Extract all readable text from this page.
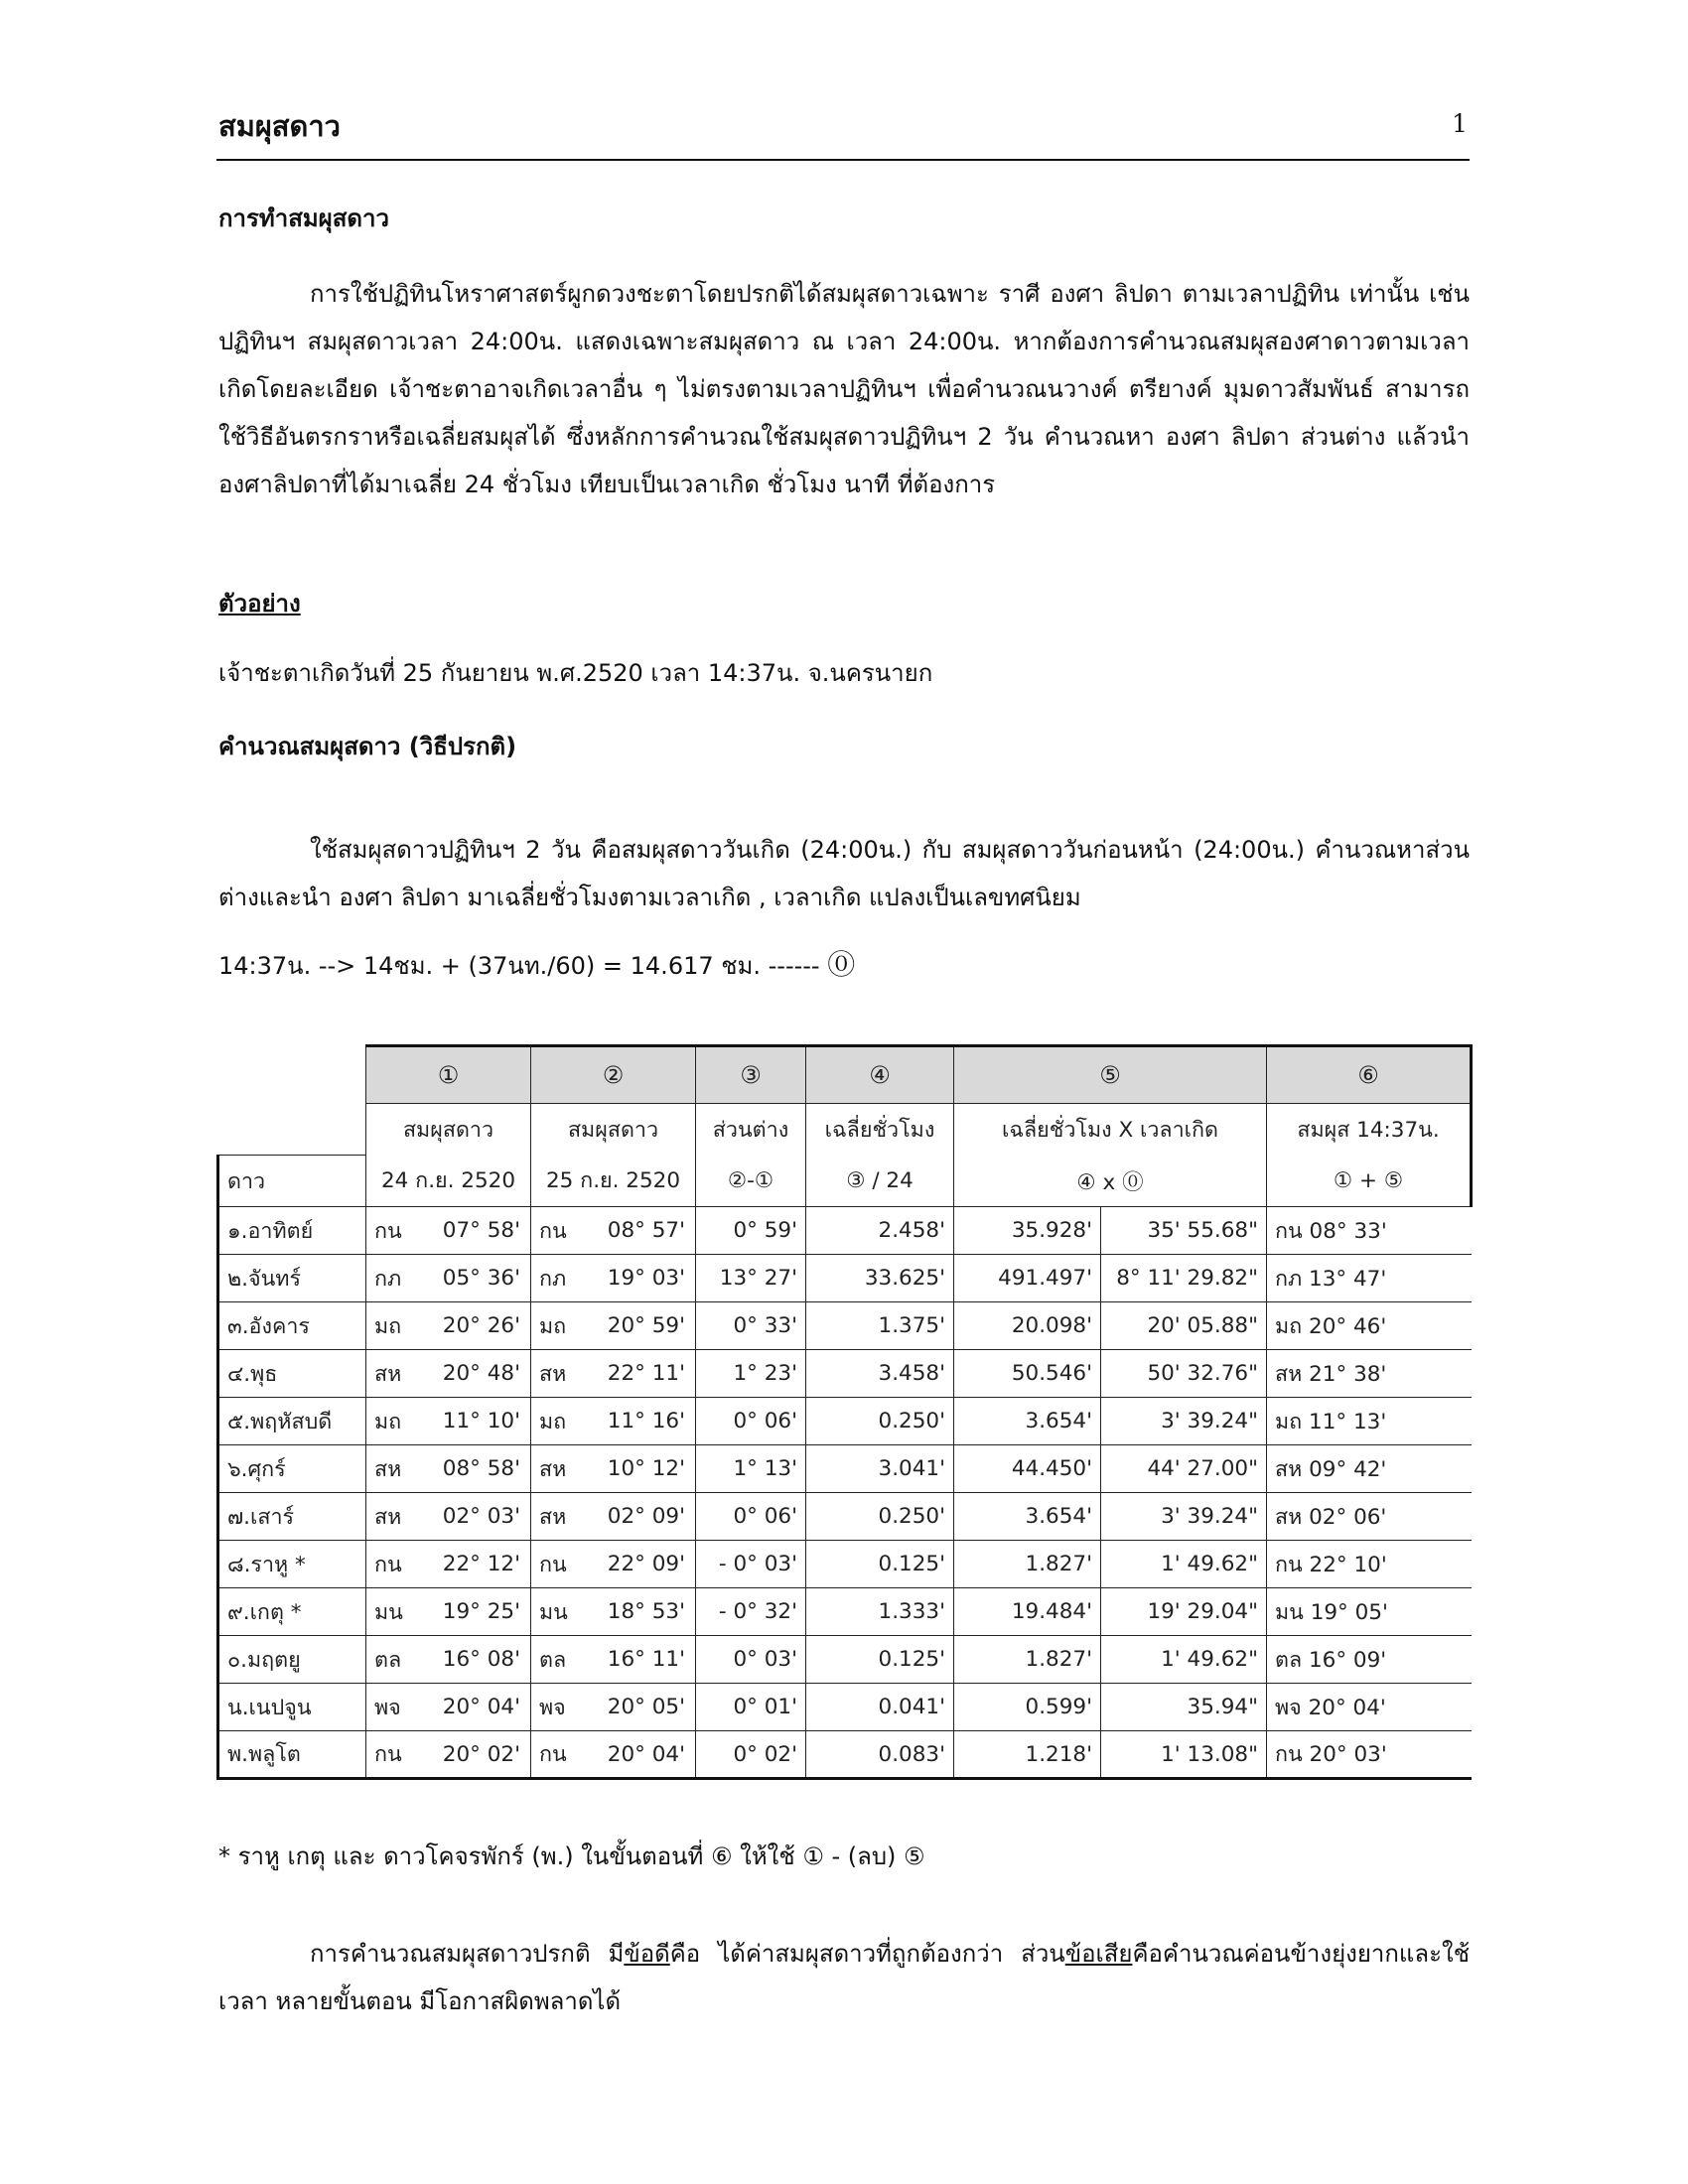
สมผุสดาว	1
การทำสมผุสดาว

การใช้ปฏิทินโหราศาสตร์ผูกดวงชะตาโดยปรกติได้สมผุสดาวเฉพาะ ราศี องศา ลิปดา ตามเวลาปฏิทิน เท่านั้น เช่น ปฏิทินฯ สมผุสดาวเวลา 24:00น. แสดงเฉพาะสมผุสดาว ณ เวลา 24:00น. หากต้องการคำนวณสมผุสองศาดาวตามเวลาเกิดโดยละเอียด เจ้าชะตาอาจเกิดเวลาอื่น ๆ ไม่ตรงตามเวลาปฏิทินฯ เพื่อคำนวณนวางค์ ตรียางค์ มุมดาวสัมพันธ์ สามารถใช้วิธีอันตรกราหรือเฉลี่ยสมผุสได้ ซึ่งหลักการคำนวณใช้สมผุสดาวปฏิทินฯ 2 วัน คำนวณหา องศา ลิปดา ส่วนต่าง แล้วนำองศาลิปดาที่ได้มาเฉลี่ย 24 ชั่วโมง เทียบเป็นเวลาเกิด ชั่วโมง นาที ที่ต้องการ

ตัวอย่าง
เจ้าชะตาเกิดวันที่ 25 กันยายน พ.ศ.2520 เวลา 14:37น. จ.นครนายก
คำนวณสมผุสดาว (วิธีปรกติ)

ใช้สมผุสดาวปฏิทินฯ 2 วัน คือสมผุสดาววันเกิด (24:00น.) กับ สมผุสดาววันก่อนหน้า (24:00น.) คำนวณหาส่วนต่างและนำ องศา ลิปดา มาเฉลี่ยชั่วโมงตามเวลาเกิด , เวลาเกิด แปลงเป็นเลขทศนิยม

14:37น. --> 14ชม. + (37นท./60) = 14.617 ชม. ------ ⓪
	①		②		③	④	⑤		⑥
	สมผุสดาว		สมผุสดาว		ส่วนต่าง	เฉลี่ยชั่วโมง	เฉลี่ยชั่วโมง X เวลาเกิด		สมผุส 14:37น.
ดาว	24 ก.ย. 2520		25 ก.ย. 2520		②-①	③ / 24	④ x ⓪		① + ⑤
๑.อาทิตย์	กน	07° 58'	กน	08° 57'	0° 59'	2.458'	35.928'	35' 55.68"	กน 08° 33'
๒.จันทร์	กภ	05° 36'	กภ	19° 03'	13° 27'	33.625'	491.497'	8° 11' 29.82"	กภ 13° 47'
๓.อังคาร	มถ	20° 26'	มถ	20° 59'	0° 33'	1.375'	20.098'	20' 05.88"	มถ 20° 46'
๔.พุธ	สห	20° 48'	สห	22° 11'	1° 23'	3.458'	50.546'	50' 32.76"	สห 21° 38'
๕.พฤหัสบดี	มถ	11° 10'	มถ	11° 16'	0° 06'	0.250'	3.654'	3' 39.24"	มถ 11° 13'
๖.ศุกร์	สห	08° 58'	สห	10° 12'	1° 13'	3.041'	44.450'	44' 27.00"	สห 09° 42'
๗.เสาร์	สห	02° 03'	สห	02° 09'	0° 06'	0.250'	3.654'	3' 39.24"	สห 02° 06'
๘.ราหู *	กน	22° 12'	กน	22° 09'	- 0° 03'	0.125'	1.827'	1' 49.62"	กน 22° 10'
๙.เกตุ *	มน	19° 25'	มน	18° 53'	- 0° 32'	1.333'	19.484'	19' 29.04"	มน 19° 05'
๐.มฤตยู	ตล	16° 08'	ตล	16° 11'	0° 03'	0.125'	1.827'	1' 49.62"	ตล 16° 09'
น.เนปจูน	พจ	20° 04'	พจ	20° 05'	0° 01'	0.041'	0.599'	35.94"	พจ 20° 04'
พ.พลูโต	กน	20° 02'	กน	20° 04'	0° 02'	0.083'	1.218'	1' 13.08"	กน 20° 03'
* ราหู เกตุ และ ดาวโคจรพักร์ (พ.) ในขั้นตอนที่ ⑥ ให้ใช้ ① - (ลบ) ⑤

การคำนวณสมผุสดาวปรกติ มีข้อดีคือ ได้ค่าสมผุสดาวที่ถูกต้องกว่า ส่วนข้อเสียคือคำนวณค่อนข้างยุ่งยากและใช้เวลา หลายขั้นตอน มีโอกาสผิดพลาดได้
